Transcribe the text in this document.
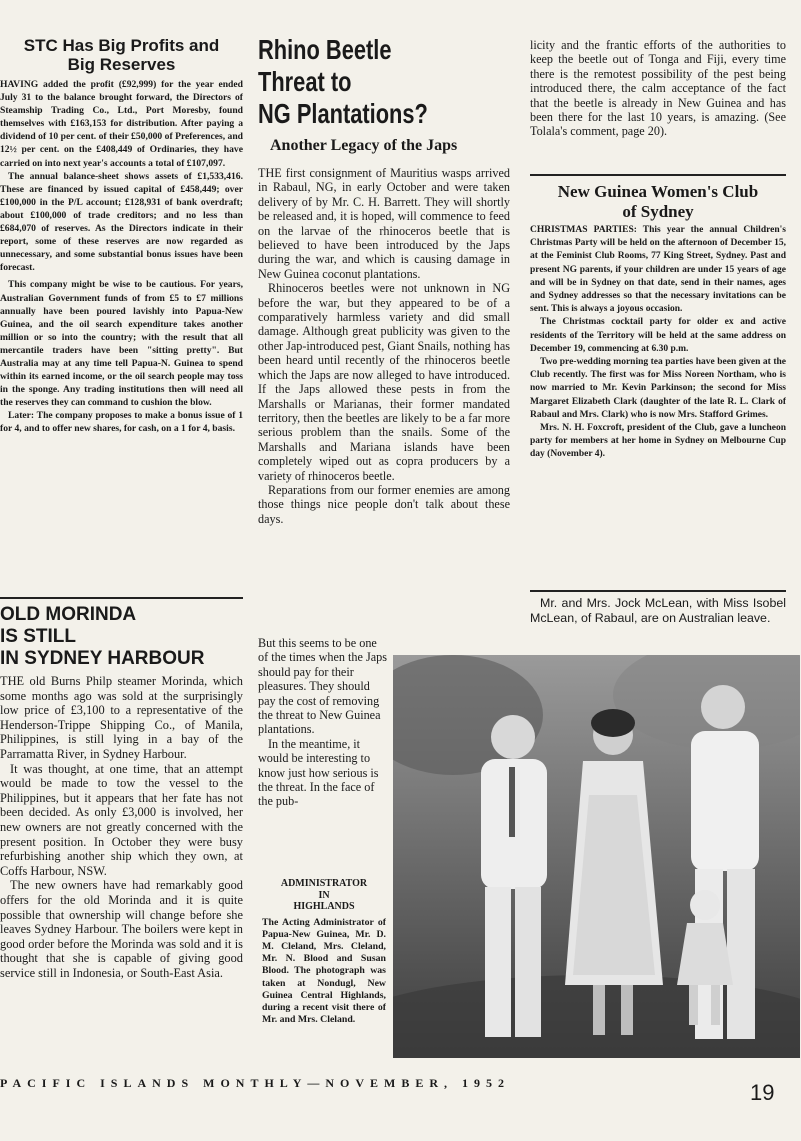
STC Has Big Profits and
Big Reserves

HAVING added the profit (£92,999) for the year ended July 31 to the balance brought forward, the Directors of Steamship Trading Co., Ltd., Port Moresby, found themselves with £163,153 for distribution. After paying a dividend of 10 per cent. of their £50,000 of Preferences, and 12½ per cent. on the £408,449 of Ordinaries, they have carried on into next year's accounts a total of £107,097.

The annual balance-sheet shows assets of £1,533,416. These are financed by issued capital of £458,449; over £100,000 in the P/L account; £128,931 of bank overdraft; about £100,000 of trade creditors; and no less than £684,070 of reserves. As the Directors indicate in their report, some of these reserves are now regarded as unnecessary, and some substantial bonus issues have been forecast.

This company might be wise to be cautious. For years, Australian Government funds of from £5 to £7 millions annually have been poured lavishly into Papua-New Guinea, and the oil search expenditure takes another million or so into the country; with the result that all mercantile traders have been "sitting pretty". But Australia may at any time tell Papua-N. Guinea to spend within its earned income, or the oil search people may toss in the sponge. Any trading institutions then will need all the reserves they can command to cushion the blow.

Later: The company proposes to make a bonus issue of 1 for 4, and to offer new shares, for cash, on a 1 for 4, basis.

OLD MORINDA
IS STILL
IN SYDNEY HARBOUR

THE old Burns Philp steamer Morinda, which some months ago was sold at the surprisingly low price of £3,100 to a representative of the Henderson-Trippe Shipping Co., of Manila, Philippines, is still lying in a bay of the Parramatta River, in Sydney Harbour.

It was thought, at one time, that an attempt would be made to tow the vessel to the Philippines, but it appears that her fate has not been decided. As only £3,000 is involved, her new owners are not greatly concerned with the present position. In October they were busy refurbishing another ship which they own, at Coffs Harbour, NSW.

The new owners have had remarkably good offers for the old Morinda and it is quite possible that ownership will change before she leaves Sydney Harbour. The boilers were kept in good order before the Morinda was sold and it is thought that she is capable of giving good service still in Indonesia, or South-East Asia.

Rhino Beetle
Threat to
NG Plantations?
Another Legacy of the Japs

THE first consignment of Mauritius wasps arrived in Rabaul, NG, in early October and were taken delivery of by Mr. C. H. Barrett. They will shortly be released and, it is hoped, will commence to feed on the larvae of the rhinoceros beetle that is believed to have been introduced by the Japs during the war, and which is causing damage in New Guinea coconut plantations.

Rhinoceros beetles were not unknown in NG before the war, but they appeared to be of a comparatively harmless variety and did small damage. Although great publicity was given to the other Jap-introduced pest, Giant Snails, nothing has been heard until recently of the rhinoceros beetle which the Japs are now alleged to have introduced. If the Japs allowed these pests in from the Marshalls or Marianas, their former mandated territory, then the beetles are likely to be a far more serious problem than the snails. Some of the Marshalls and Mariana islands have been completely wiped out as copra producers by a variety of rhinoceros beetle.

Reparations from our former enemies are among those things nice people don't talk about these days.

But this seems to be one of the times when the Japs should pay for their pleasures. They should pay the cost of removing the threat to New Guinea plantations.

In the meantime, it would be interesting to know just how serious is the threat. In the face of the pub-

ADMINISTRATOR
IN
HIGHLANDS

The Acting Administrator of Papua-New Guinea, Mr. D. M. Cleland, Mrs. Cleland, Mr. N. Blood and Susan Blood. The photograph was taken at Nondugl, New Guinea Central Highlands, during a recent visit there of Mr. and Mrs. Cleland.

licity and the frantic efforts of the authorities to keep the beetle out of Tonga and Fiji, every time there is the remotest possibility of the pest being introduced there, the calm acceptance of the fact that the beetle is already in New Guinea and has been there for the last 10 years, is amazing. (See Tolala's comment, page 20).

New Guinea Women's Club
of Sydney

CHRISTMAS PARTIES: This year the annual Children's Christmas Party will be held on the afternoon of December 15, at the Feminist Club Rooms, 77 King Street, Sydney. Past and present NG parents, if your children are under 15 years of age and will be in Sydney on that date, send in their names, ages and Sydney addresses so that the necessary invitations can be sent. This is always a joyous occasion.

The Christmas cocktail party for older ex and active residents of the Territory will be held at the same address on December 19, commencing at 6.30 p.m.

Two pre-wedding morning tea parties have been given at the Club recently. The first was for Miss Noreen Northam, who is now married to Mr. Kevin Parkinson; the second for Miss Margaret Elizabeth Clark (daughter of the late R. L. Clark of Rabaul and Mrs. Clark) who is now Mrs. Stafford Grimes.

Mrs. N. H. Foxcroft, president of the Club, gave a luncheon party for members at her home in Sydney on Melbourne Cup day (November 4).

Mr. and Mrs. Jock McLean, with Miss Isobel McLean, of Rabaul, are on Australian leave.

PACIFIC ISLANDS MONTHLY—NOVEMBER, 1952	19
